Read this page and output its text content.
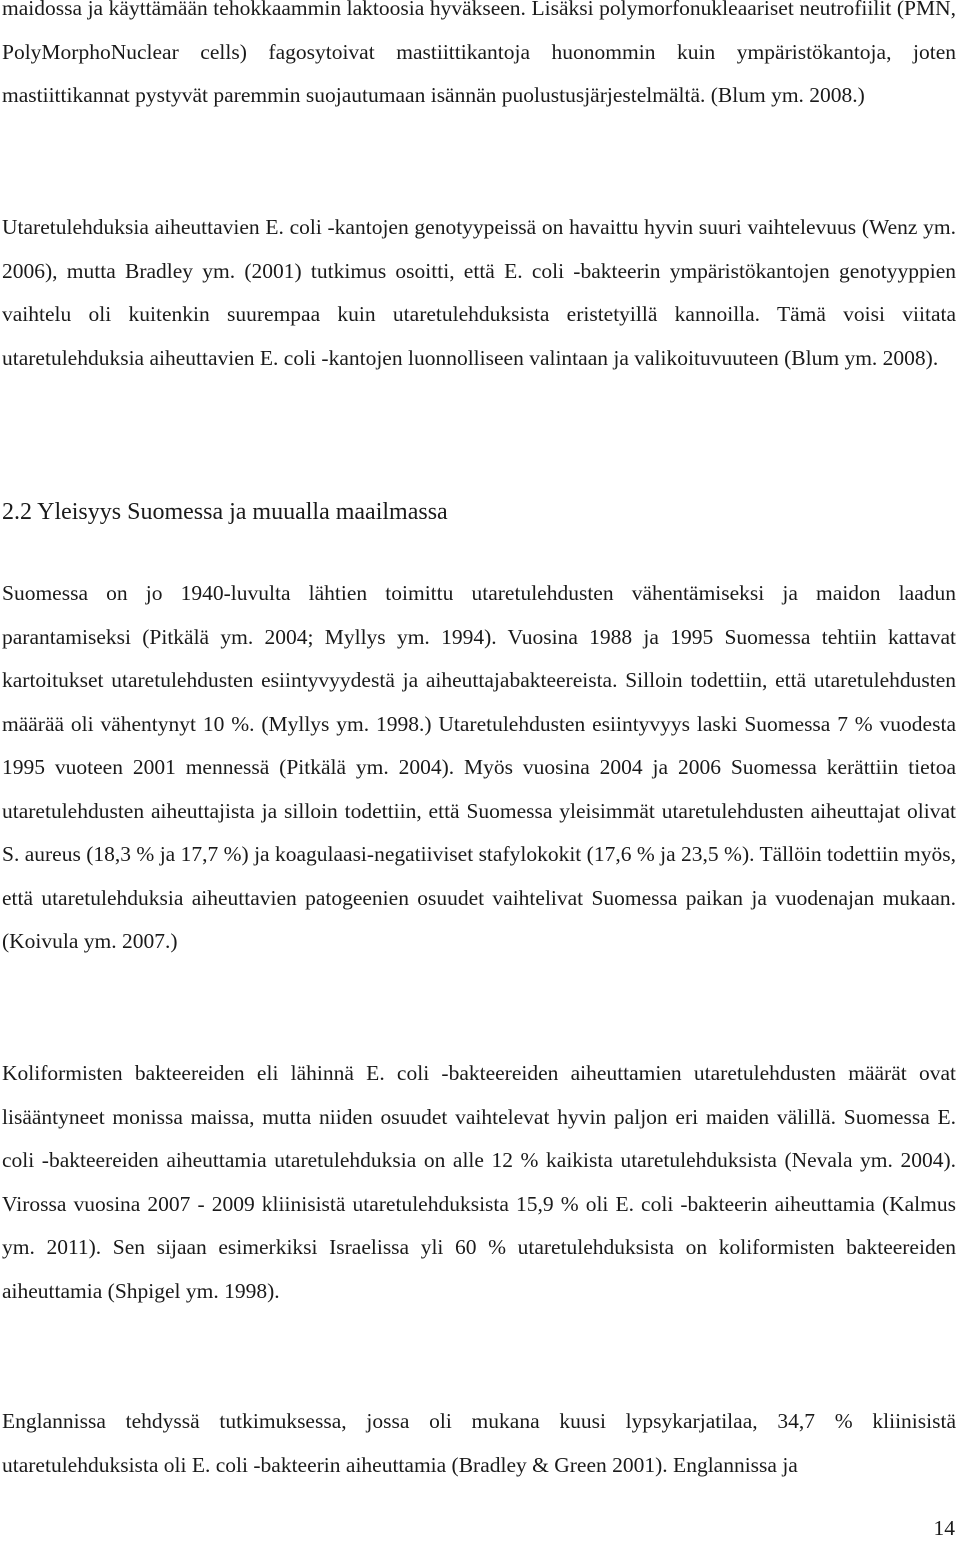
maidossa ja käyttämään tehokkaammin laktoosia hyväkseen. Lisäksi polymorfonukleaariset neutrofiilit (PMN, PolyMorphoNuclear cells) fagosytoivat mastiittikantoja huonommin kuin ympäristökantoja, joten mastiittikannat pystyvät paremmin suojautumaan isännän puolustusjärjestelmältä. (Blum ym. 2008.)

Utaretulehduksia aiheuttavien E. coli -kantojen genotyypeissä on havaittu hyvin suuri vaihtelevuus (Wenz ym. 2006), mutta Bradley ym. (2001) tutkimus osoitti, että E. coli -bakteerin ympäristökantojen genotyyppien vaihtelu oli kuitenkin suurempaa kuin utaretulehduksista eristetyillä kannoilla. Tämä voisi viitata utaretulehduksia aiheuttavien E. coli -kantojen luonnolliseen valintaan ja valikoituvuuteen (Blum ym. 2008).

2.2 Yleisyys Suomessa ja muualla maailmassa

Suomessa on jo 1940-luvulta lähtien toimittu utaretulehdusten vähentämiseksi ja maidon laadun parantamiseksi (Pitkälä ym. 2004; Myllys ym. 1994). Vuosina 1988 ja 1995 Suomessa tehtiin kattavat kartoitukset utaretulehdusten esiintyvyydestä ja aiheuttajabakteereista. Silloin todettiin, että utaretulehdusten määrää oli vähentynyt 10 %. (Myllys ym. 1998.) Utaretulehdusten esiintyvyys laski Suomessa 7 % vuodesta 1995 vuoteen 2001 mennessä (Pitkälä ym. 2004). Myös vuosina 2004 ja 2006 Suomessa kerättiin tietoa utaretulehdusten aiheuttajista ja silloin todettiin, että Suomessa yleisimmät utaretulehdusten aiheuttajat olivat S. aureus (18,3 % ja 17,7 %) ja koagulaasi-negatiiviset stafylokokit (17,6 % ja 23,5 %). Tällöin todettiin myös, että utaretulehduksia aiheuttavien patogeenien osuudet vaihtelivat Suomessa paikan ja vuodenajan mukaan. (Koivula ym. 2007.)

Koliformisten bakteereiden eli lähinnä E. coli -bakteereiden aiheuttamien utaretulehdusten määrät ovat lisääntyneet monissa maissa, mutta niiden osuudet vaihtelevat hyvin paljon eri maiden välillä. Suomessa E. coli -bakteereiden aiheuttamia utaretulehduksia on alle 12 % kaikista utaretulehduksista (Nevala ym. 2004). Virossa vuosina 2007 - 2009 kliinisistä utaretulehduksista 15,9 % oli E. coli -bakteerin aiheuttamia (Kalmus ym. 2011). Sen sijaan esimerkiksi Israelissa yli 60 % utaretulehduksista on koliformisten bakteereiden aiheuttamia (Shpigel ym. 1998).

Englannissa tehdyssä tutkimuksessa, jossa oli mukana kuusi lypsykarjatilaa, 34,7 % kliinisistä utaretulehduksista oli E. coli -bakteerin aiheuttamia (Bradley & Green 2001). Englannissa ja

14
